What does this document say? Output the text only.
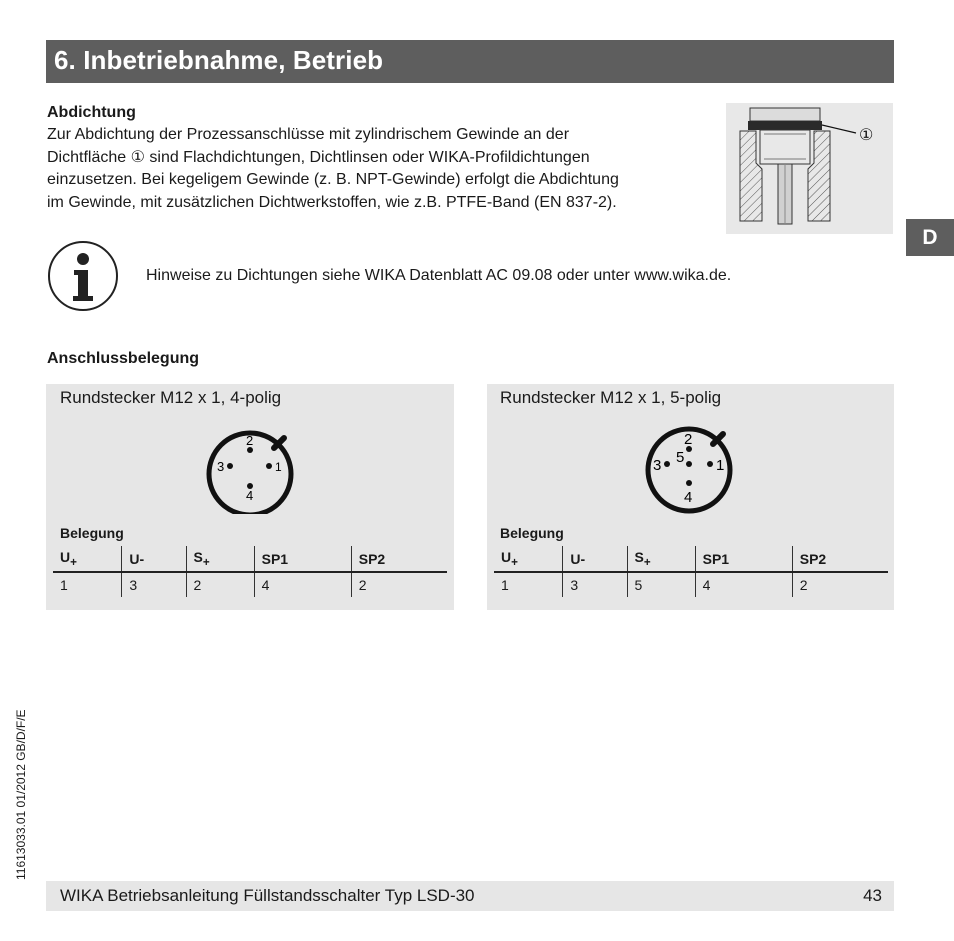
6. Inbetriebnahme, Betrieb
Abdichtung
Zur Abdichtung der Prozessanschlüsse mit zylindrischem Gewinde an der
Dichtfläche ① sind Flachdichtungen, Dichtlinsen oder WIKA-Profildichtungen
einzusetzen. Bei kegeligem Gewinde (z. B. NPT-Gewinde) erfolgt die Abdichtung
im Gewinde, mit zusätzlichen Dichtwerkstoffen, wie z.B. PTFE-Band (EN 837-2).
①
D
Hinweise zu Dichtungen siehe WIKA Datenblatt AC 09.08 oder unter www.wika.de.
Anschlussbelegung
Rundstecker M12 x 1, 4-polig
2
3	1
4
Belegung
$U_+$	U-	$S_+$	SP1	SP2
1	3	2	4	2
Rundstecker M12 x 1, 5-polig
2
3 5 1
4
Belegung
$U_+$	U-	$S_+$	SP1	SP2
1	3	5	4	2
11613033.01 01/2012 GB/D/F/E
WIKA Betriebsanleitung Füllstandsschalter Typ LSD-30	43
